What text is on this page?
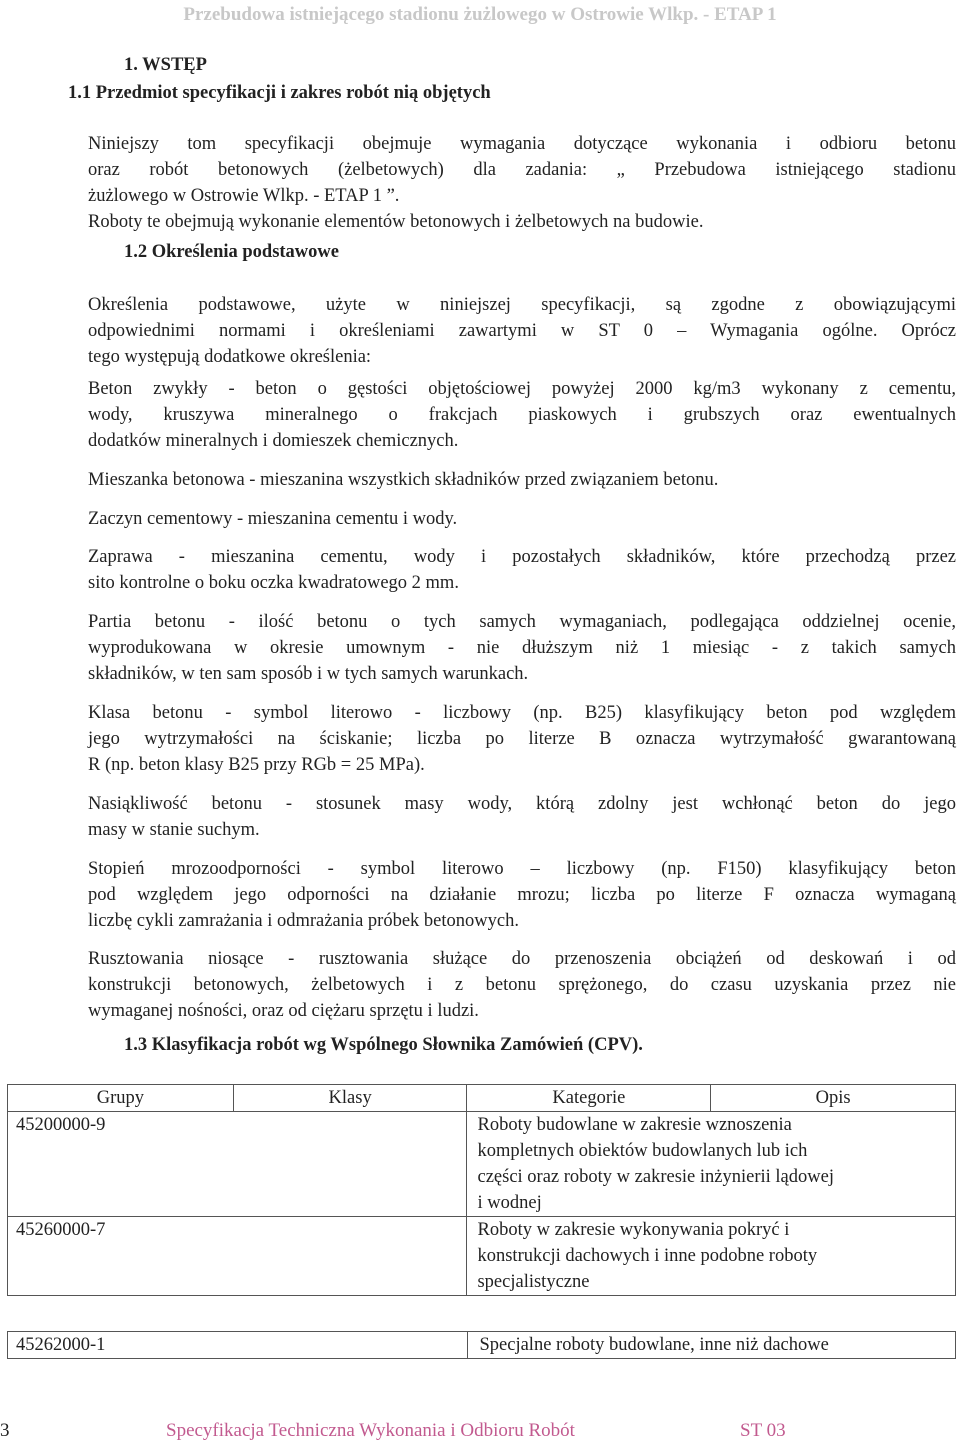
Przebudowa istniejącego stadionu żużlowego w Ostrowie Wlkp. - ETAP 1
1. WSTĘP
1.1 Przedmiot specyfikacji i zakres robót nią objętych
Niniejszy tom specyfikacji obejmuje wymagania dotyczące wykonania i odbioru betonu
oraz robót betonowych (żelbetowych) dla zadania: „ Przebudowa istniejącego stadionu
żużlowego w Ostrowie Wlkp. - ETAP 1 ”.
Roboty te obejmują wykonanie elementów betonowych i żelbetowych na budowie.
1.2 Określenia podstawowe
Określenia podstawowe, użyte w niniejszej specyfikacji, są zgodne z obowiązującymi
odpowiednimi normami i określeniami zawartymi w ST 0 – Wymagania ogólne. Oprócz
tego występują dodatkowe określenia:
Beton zwykły - beton o gęstości objętościowej powyżej 2000 kg/m3 wykonany z cementu,
wody, kruszywa mineralnego o frakcjach piaskowych i grubszych oraz ewentualnych
dodatków mineralnych i domieszek chemicznych.
Mieszanka betonowa - mieszanina wszystkich składników przed związaniem betonu.
Zaczyn cementowy - mieszanina cementu i wody.
Zaprawa - mieszanina cementu, wody i pozostałych składników, które przechodzą przez
sito kontrolne o boku oczka kwadratowego 2 mm.
Partia betonu - ilość betonu o tych samych wymaganiach, podlegająca oddzielnej ocenie,
wyprodukowana w okresie umownym - nie dłuższym niż 1 miesiąc - z takich samych
składników, w ten sam sposób i w tych samych warunkach.
Klasa betonu - symbol literowo - liczbowy (np. B25) klasyfikujący beton pod względem
jego wytrzymałości na ściskanie; liczba po literze B oznacza wytrzymałość gwarantowaną
R (np. beton klasy B25 przy RGb = 25 MPa).
Nasiąkliwość betonu - stosunek masy wody, którą zdolny jest wchłonąć beton do jego
masy w stanie suchym.
Stopień mrozoodporności - symbol literowo – liczbowy (np. F150) klasyfikujący beton
pod względem jego odporności na działanie mrozu; liczba po literze F oznacza wymaganą
liczbę cykli zamrażania i odmrażania próbek betonowych.
Rusztowania niosące - rusztowania służące do przenoszenia obciążeń od deskowań i od
konstrukcji betonowych, żelbetowych i z betonu sprężonego, do czasu uzyskania przez nie
wymaganej nośności, oraz od ciężaru sprzętu i ludzi.
1.3 Klasyfikacja robót wg Wspólnego Słownika Zamówień (CPV).
Grupy	Klasy	Kategorie	Opis
45200000-9		Roboty budowlane w zakresie wznoszenia
kompletnych obiektów budowlanych lub ich
części oraz roboty w zakresie inżynierii lądowej
i wodnej	

45260000-7		Roboty w zakresie wykonywania pokryć i
konstrukcji dachowych i inne podobne roboty
specjalistyczne	
45262000-1	Specjalne roboty budowlane, inne niż dachowe
3	Specyfikacja Techniczna Wykonania i Odbioru Robót	ST 03
